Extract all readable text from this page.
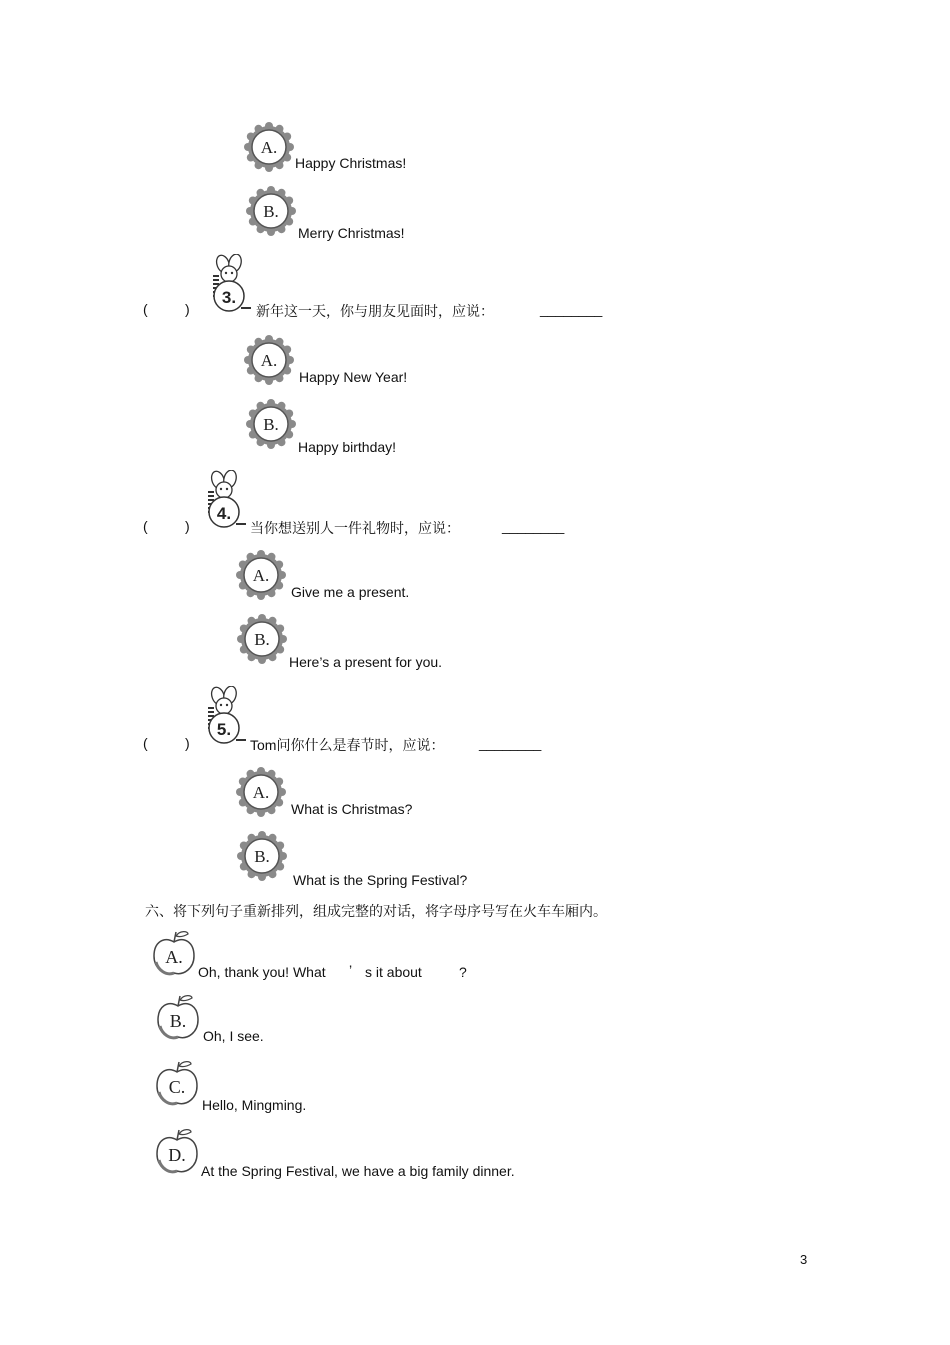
A.
Happy Christmas!
B.
Merry Christmas!
(	)
3.
新年这一天，你与朋友见面时，应说：	________
A.
Happy New Year!
B.
Happy birthday!
(	)
4.
当你想送别人一件礼物时，应说：	________
A.
Give me a present.
B.
Here’s a present for you.
(	)
5.
Tom问你什么是春节时，应说： ________
A.
What is Christmas?
B.
What is the Spring Festival?
六、将下列句子重新排列，组成完整的对话，将字母序号写在火车车厢内。
A.
Oh, thank you! What ’ s it about	?
B.
Oh, I see.
C.
Hello, Mingming.
D.
At the Spring Festival, we have a big family dinner.
3
